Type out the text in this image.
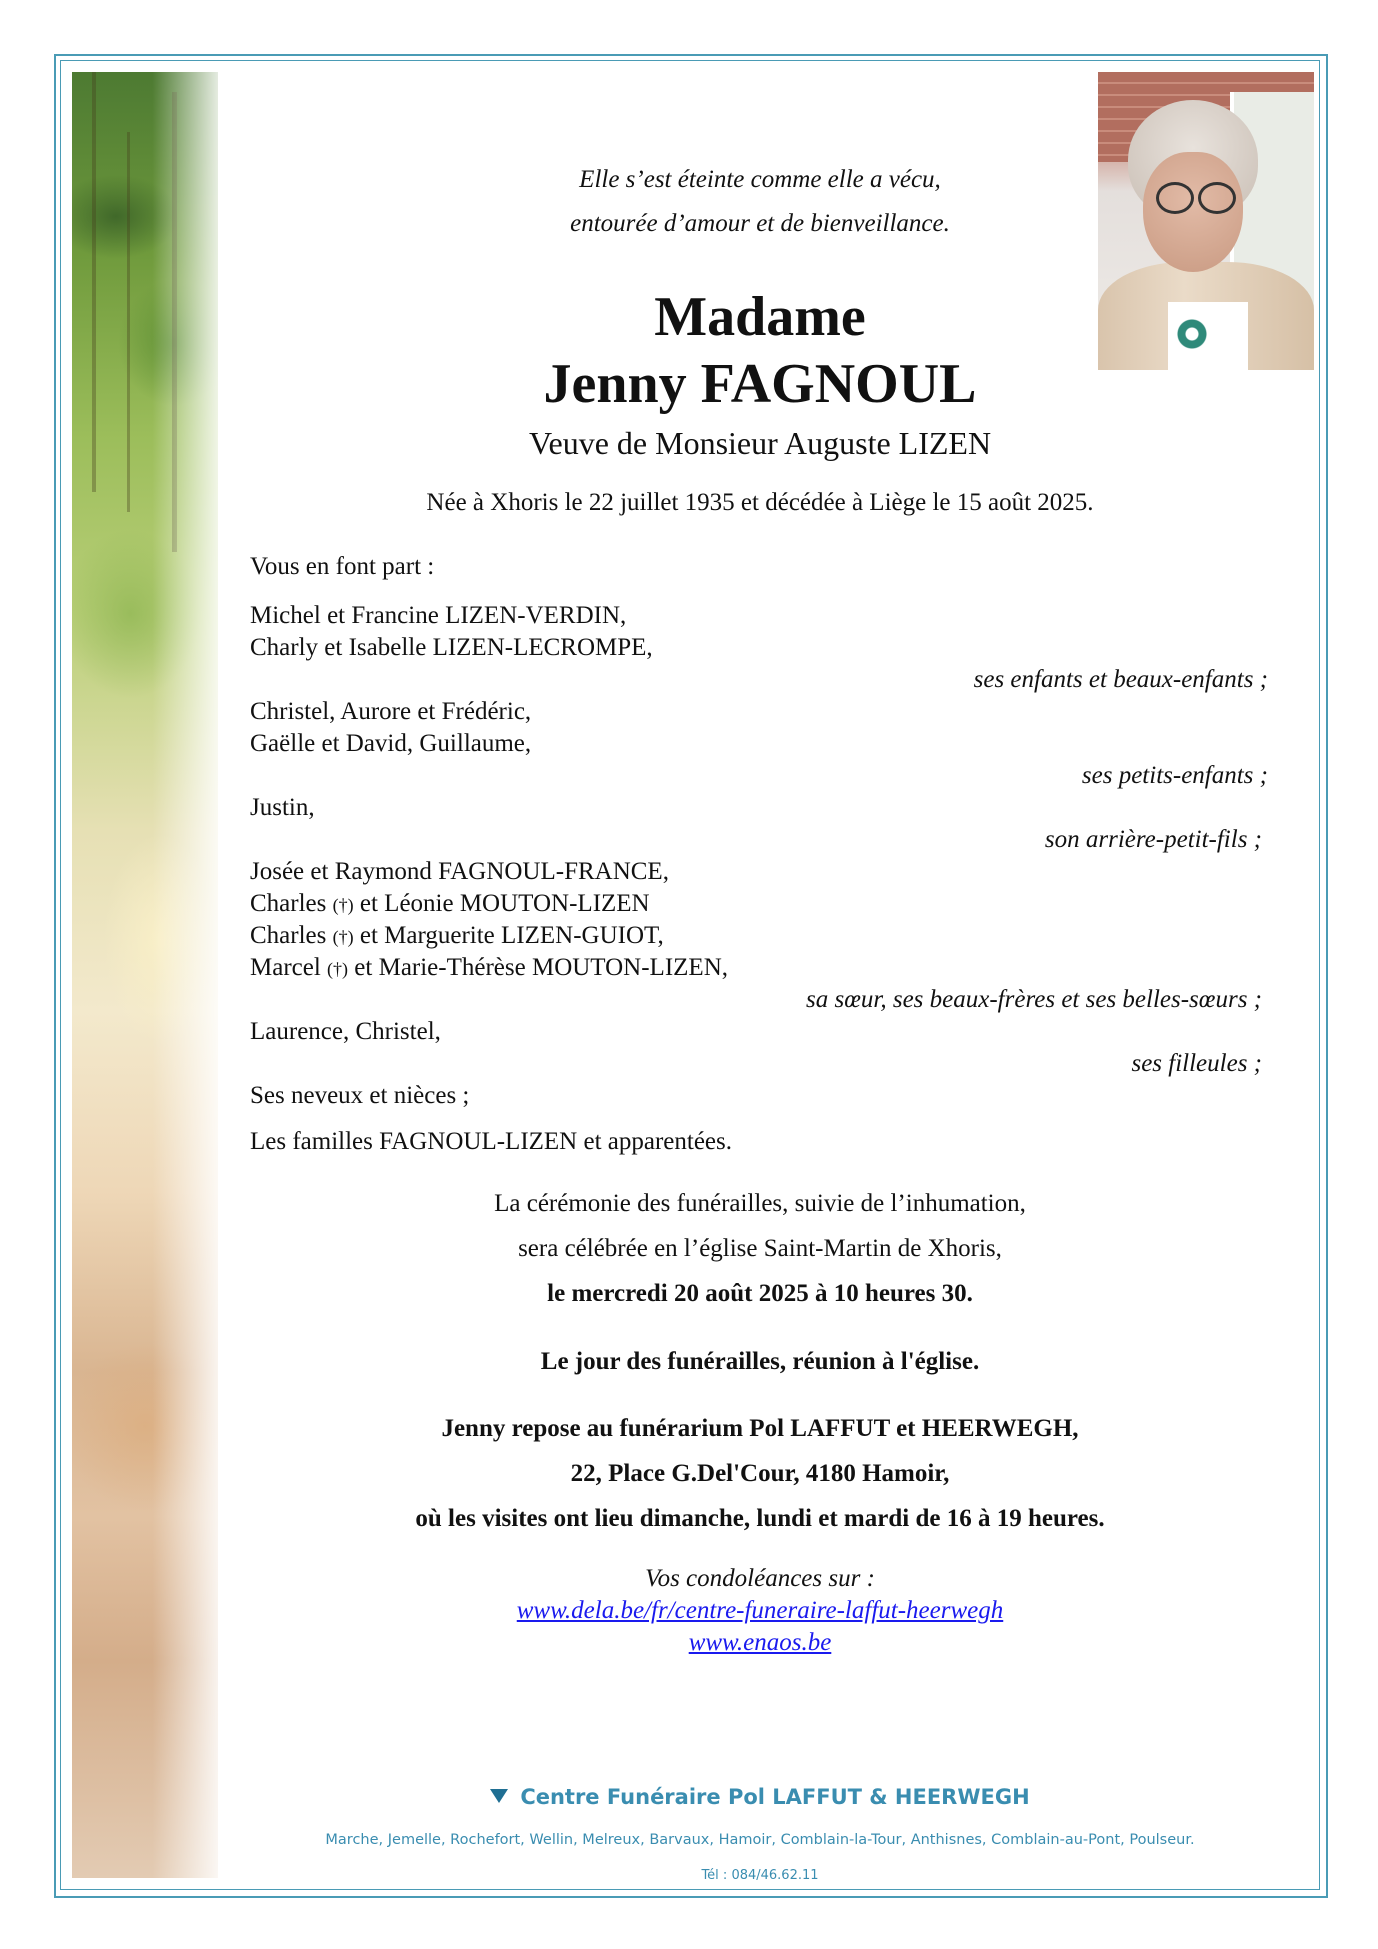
Elle s’est éteinte comme elle a vécu,
entourée d’amour et de bienveillance.
Madame
Jenny FAGNOUL
Veuve de Monsieur Auguste LIZEN
Née à Xhoris le 22 juillet 1935 et décédée à Liège le 15 août 2025.
Vous en font part :
Michel et Francine LIZEN-VERDIN,
Charly et Isabelle LIZEN-LECROMPE,
ses enfants et beaux-enfants ;
Christel, Aurore et Frédéric,
Gaëlle et David, Guillaume,
ses petits-enfants ;
Justin,
son arrière-petit-fils ;
Josée et Raymond FAGNOUL-FRANCE,
Charles (†) et Léonie MOUTON-LIZEN
Charles (†) et Marguerite LIZEN-GUIOT,
Marcel (†) et Marie-Thérèse MOUTON-LIZEN,
sa sœur, ses beaux-frères et ses belles-sœurs ;
Laurence, Christel,
ses filleules ;
Ses neveux et nièces ;
Les familles FAGNOUL-LIZEN et apparentées.
La cérémonie des funérailles, suivie de l’inhumation,
sera célébrée en l’église Saint-Martin de Xhoris,
le mercredi 20 août 2025 à 10 heures 30.
Le jour des funérailles, réunion à l'église.
Jenny repose au funérarium Pol LAFFUT et HEERWEGH,
22, Place G.Del'Cour, 4180 Hamoir,
où les visites ont lieu dimanche, lundi et mardi de 16 à 19 heures.
Vos condoléances sur :
www.dela.be/fr/centre-funeraire-laffut-heerwegh
www.enaos.be
Centre Funéraire Pol LAFFUT & HEERWEGH
Marche, Jemelle, Rochefort, Wellin, Melreux, Barvaux, Hamoir, Comblain-la-Tour, Anthisnes, Comblain-au-Pont, Poulseur.
Tél : 084/46.62.11
